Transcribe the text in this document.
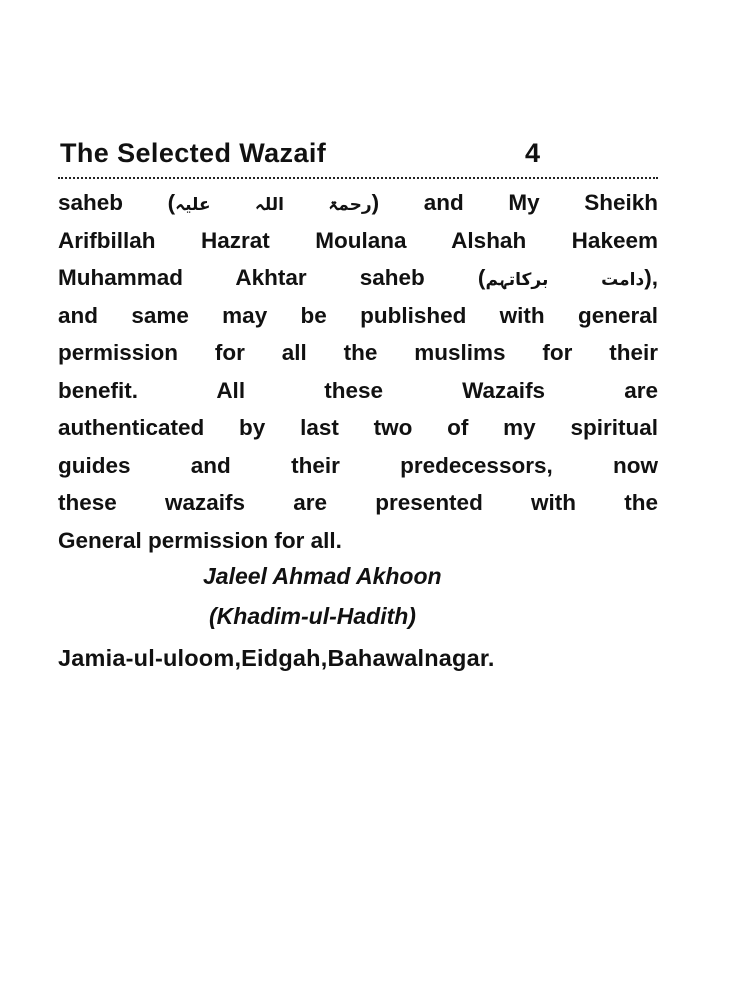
The Selected Wazaif	4
saheb (رحمۃ اللہ علیہ) and My Sheikh
Arifbillah Hazrat Moulana Alshah Hakeem
Muhammad Akhtar saheb (دامت برکاتہم),
and same may be published with general
permission for all the muslims for their
benefit. All these Wazaifs are
authenticated by last two of my spiritual
guides and their predecessors, now
these wazaifs are presented with the
General permission for all.
Jaleel Ahmad Akhoon
(Khadim-ul-Hadith)
Jamia-ul-uloom,Eidgah,Bahawalnagar.
